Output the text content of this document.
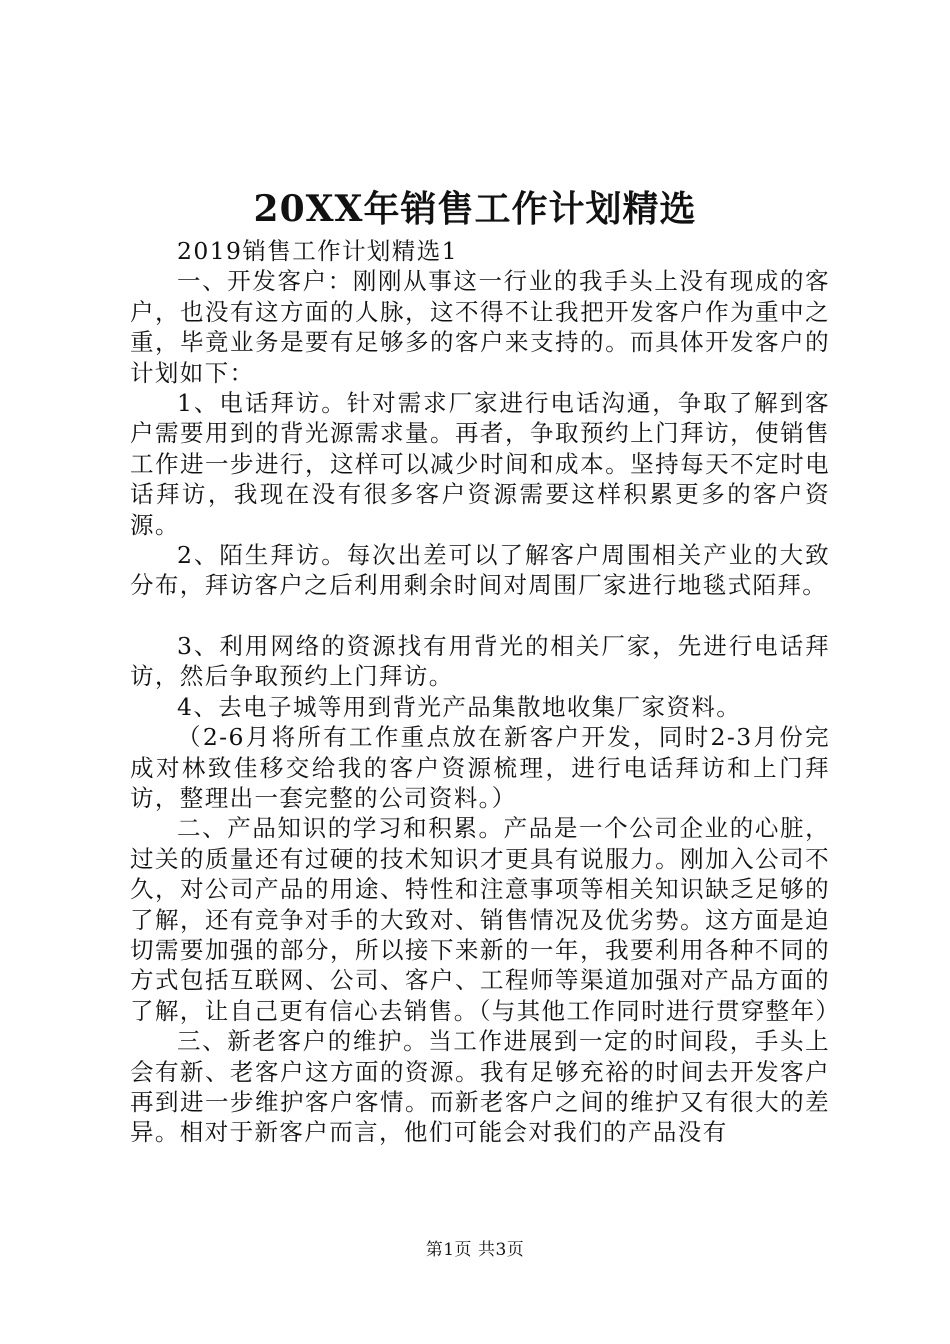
20XX年销售工作计划精选

2019销售工作计划精选1

一、开发客户：刚刚从事这一行业的我手头上没有现成的客户，也没有这方面的人脉，这不得不让我把开发客户作为重中之重，毕竟业务是要有足够多的客户来支持的。而具体开发客户的计划如下：

1、电话拜访。针对需求厂家进行电话沟通，争取了解到客户需要用到的背光源需求量。再者，争取预约上门拜访，使销售工作进一步进行，这样可以减少时间和成本。坚持每天不定时电话拜访，我现在没有很多客户资源需要这样积累更多的客户资源。

2、陌生拜访。每次出差可以了解客户周围相关产业的大致分布，拜访客户之后利用剩余时间对周围厂家进行地毯式陌拜。

3、利用网络的资源找有用背光的相关厂家，先进行电话拜访，然后争取预约上门拜访。

4、去电子城等用到背光产品集散地收集厂家资料。

（2-6月将所有工作重点放在新客户开发，同时2-3月份完成对林致佳移交给我的客户资源梳理，进行电话拜访和上门拜访，整理出一套完整的公司资料。）

二、产品知识的学习和积累。产品是一个公司企业的心脏，过关的质量还有过硬的技术知识才更具有说服力。刚加入公司不久，对公司产品的用途、特性和注意事项等相关知识缺乏足够的了解，还有竞争对手的大致对、销售情况及优劣势。这方面是迫切需要加强的部分，所以接下来新的一年，我要利用各种不同的方式包括互联网、公司、客户、工程师等渠道加强对产品方面的了解，让自己更有信心去销售。（与其他工作同时进行贯穿整年）

三、新老客户的维护。当工作进展到一定的时间段，手头上会有新、老客户这方面的资源。我有足够充裕的时间去开发客户再到进一步维护客户客情。而新老客户之间的维护又有很大的差异。相对于新客户而言，他们可能会对我们的产品没有

第1页 共3页
